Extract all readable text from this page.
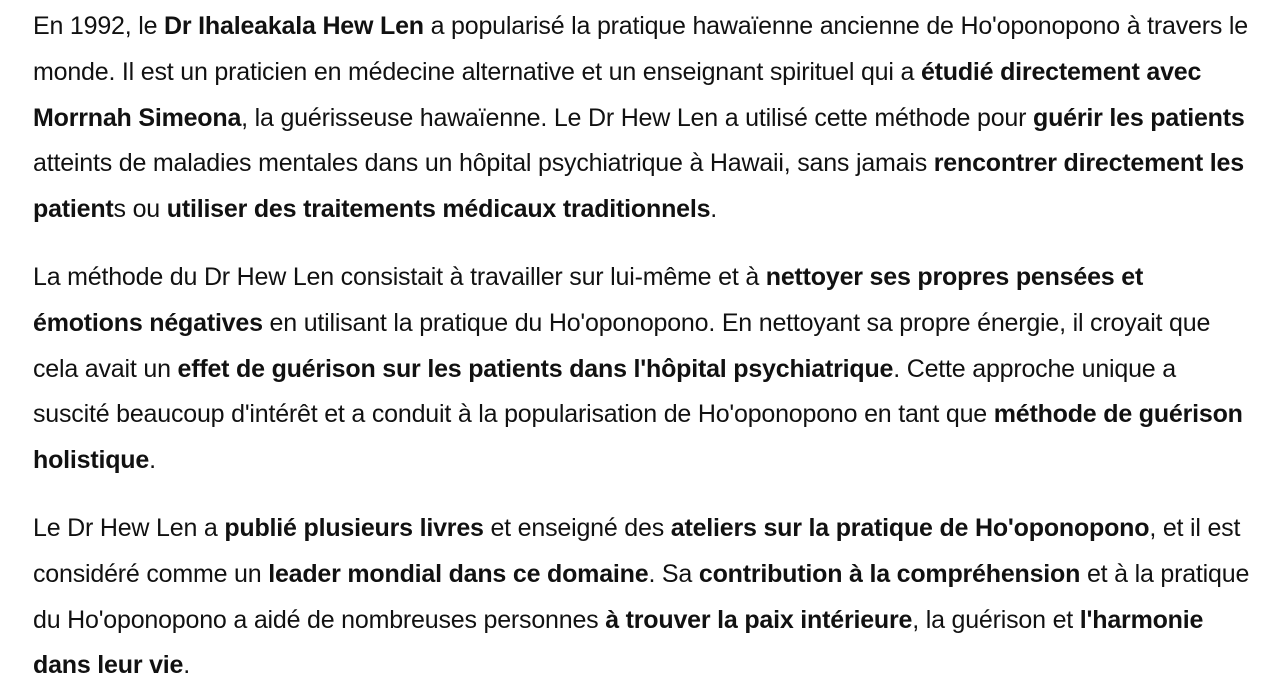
En 1992, le Dr Ihaleakala Hew Len a popularisé la pratique hawaïenne ancienne de Ho'oponopono à travers le monde. Il est un praticien en médecine alternative et un enseignant spirituel qui a étudié directement avec Morrnah Simeona, la guérisseuse hawaïenne. Le Dr Hew Len a utilisé cette méthode pour guérir les patients atteints de maladies mentales dans un hôpital psychiatrique à Hawaii, sans jamais rencontrer directement les patients ou utiliser des traitements médicaux traditionnels.

La méthode du Dr Hew Len consistait à travailler sur lui-même et à nettoyer ses propres pensées et émotions négatives en utilisant la pratique du Ho'oponopono. En nettoyant sa propre énergie, il croyait que cela avait un effet de guérison sur les patients dans l'hôpital psychiatrique. Cette approche unique a suscité beaucoup d'intérêt et a conduit à la popularisation de Ho'oponopono en tant que méthode de guérison holistique.

Le Dr Hew Len a publié plusieurs livres et enseigné des ateliers sur la pratique de Ho'oponopono, et il est considéré comme un leader mondial dans ce domaine. Sa contribution à la compréhension et à la pratique du Ho'oponopono a aidé de nombreuses personnes à trouver la paix intérieure, la guérison et l'harmonie dans leur vie.
